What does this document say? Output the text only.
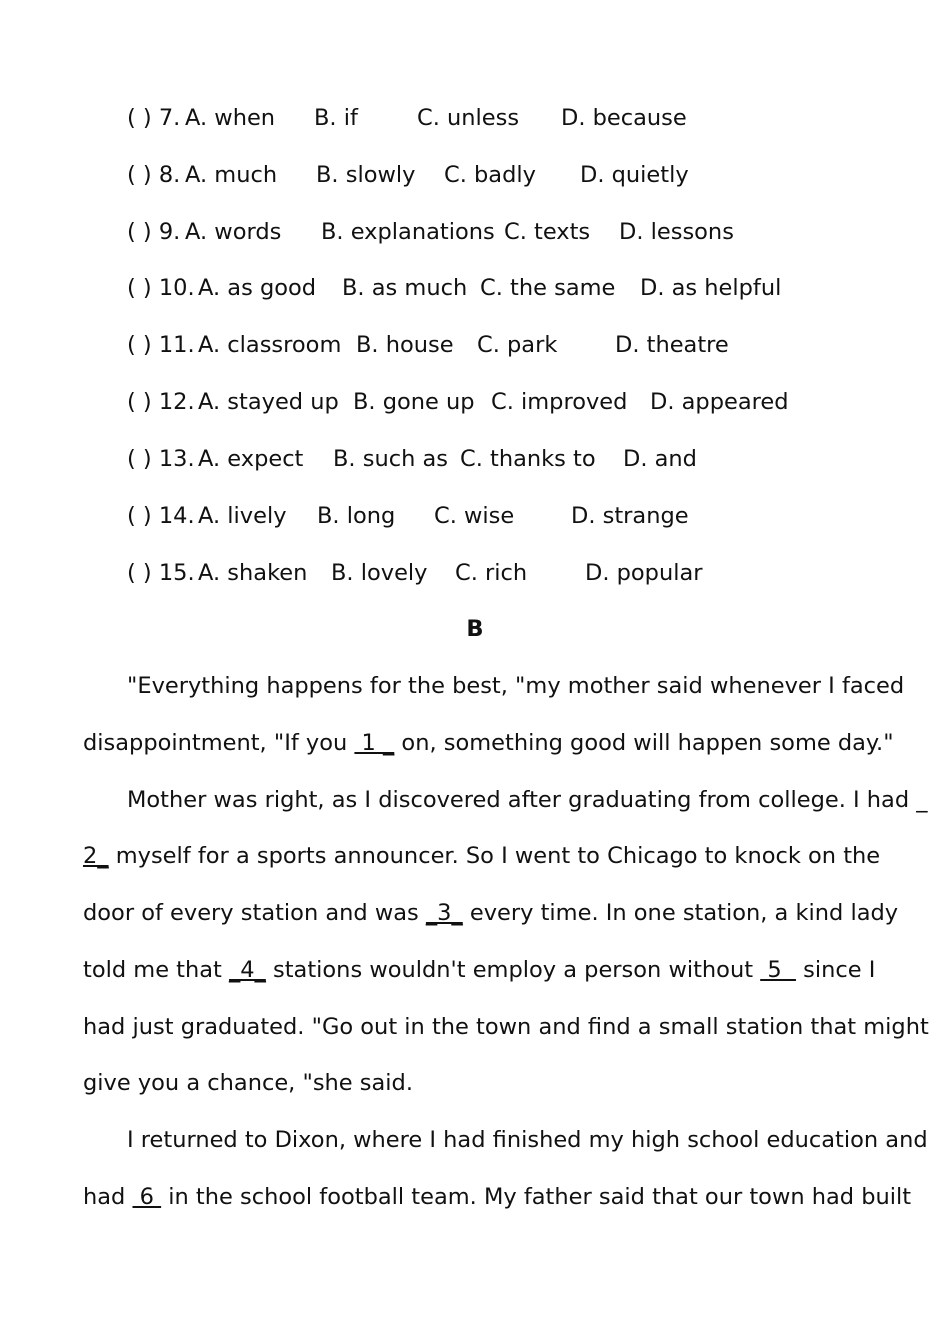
( ) 7. A. when B. if	C. unless D. because
( ) 8. A. much B. slowly C. badly D. quietly
( ) 9. A. words B. explanations C. texts D. lessons
( ) 10. A. as good B. as much C. the same D. as helpful
( ) 11. A. classroom B. house C. park	D. theatre
( ) 12. A. stayed up B. gone up C. improved D. appeared
( ) 13. A. expect B. such as C. thanks to D. and
( ) 14. A. lively B. long C. wise	D. strange
( ) 15. A. shaken B. lovely C. rich	D. popular
B
"Everything happens for the best, "my mother said whenever I faced
disappointment, "If you  1 _ on, something good will happen some day."
Mother was right, as I discovered after graduating from college. I had _
2_ myself for a sports announcer. So I went to Chicago to knock on the
door of every station and was _3_ every time. In one station, a kind lady
told me that _4_ stations wouldn't employ a person without  5   since I
had just graduated. "Go out in the town and find a small station that might
give you a chance, "she said.
I returned to Dixon, where I had finished my high school education and
had  6  in the school football team. My father said that our town had built
